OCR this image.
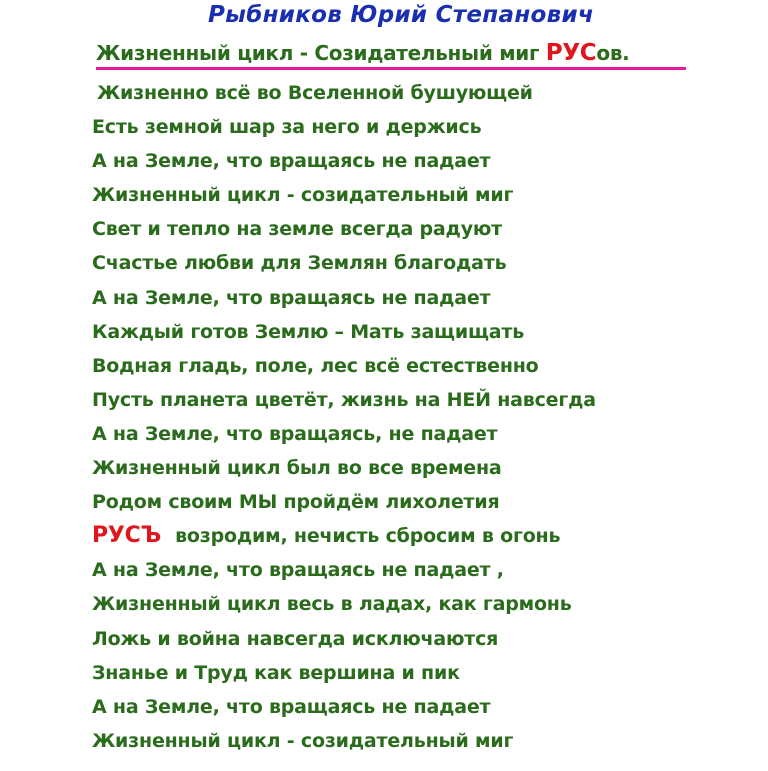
Рыбников Юрий Степанович
Жизненный цикл - Созидательный миг РУСов.
Жизненно всё во Вселенной бушующей
Есть земной шар за него и держись
А на Земле, что вращаясь не падает
Жизненный цикл - созидательный миг
Свет и тепло на земле всегда радуют
Счастье любви для Землян благодать
А на Земле, что вращаясь не падает
Каждый готов Землю – Мать защищать
Водная гладь, поле, лес всё естественно
Пусть планета цветёт, жизнь на НЕЙ навсегда
А на Земле, что вращаясь, не падает
Жизненный цикл был во все времена
Родом своим МЫ пройдём лихолетия
РУСЪ возродим, нечисть сбросим в огонь
А на Земле, что вращаясь не падает ,
Жизненный цикл весь в ладах, как гармонь
Ложь и война навсегда исключаются
Знанье и Труд как вершина и пик
А на Земле, что вращаясь не падает
Жизненный цикл - созидательный миг
